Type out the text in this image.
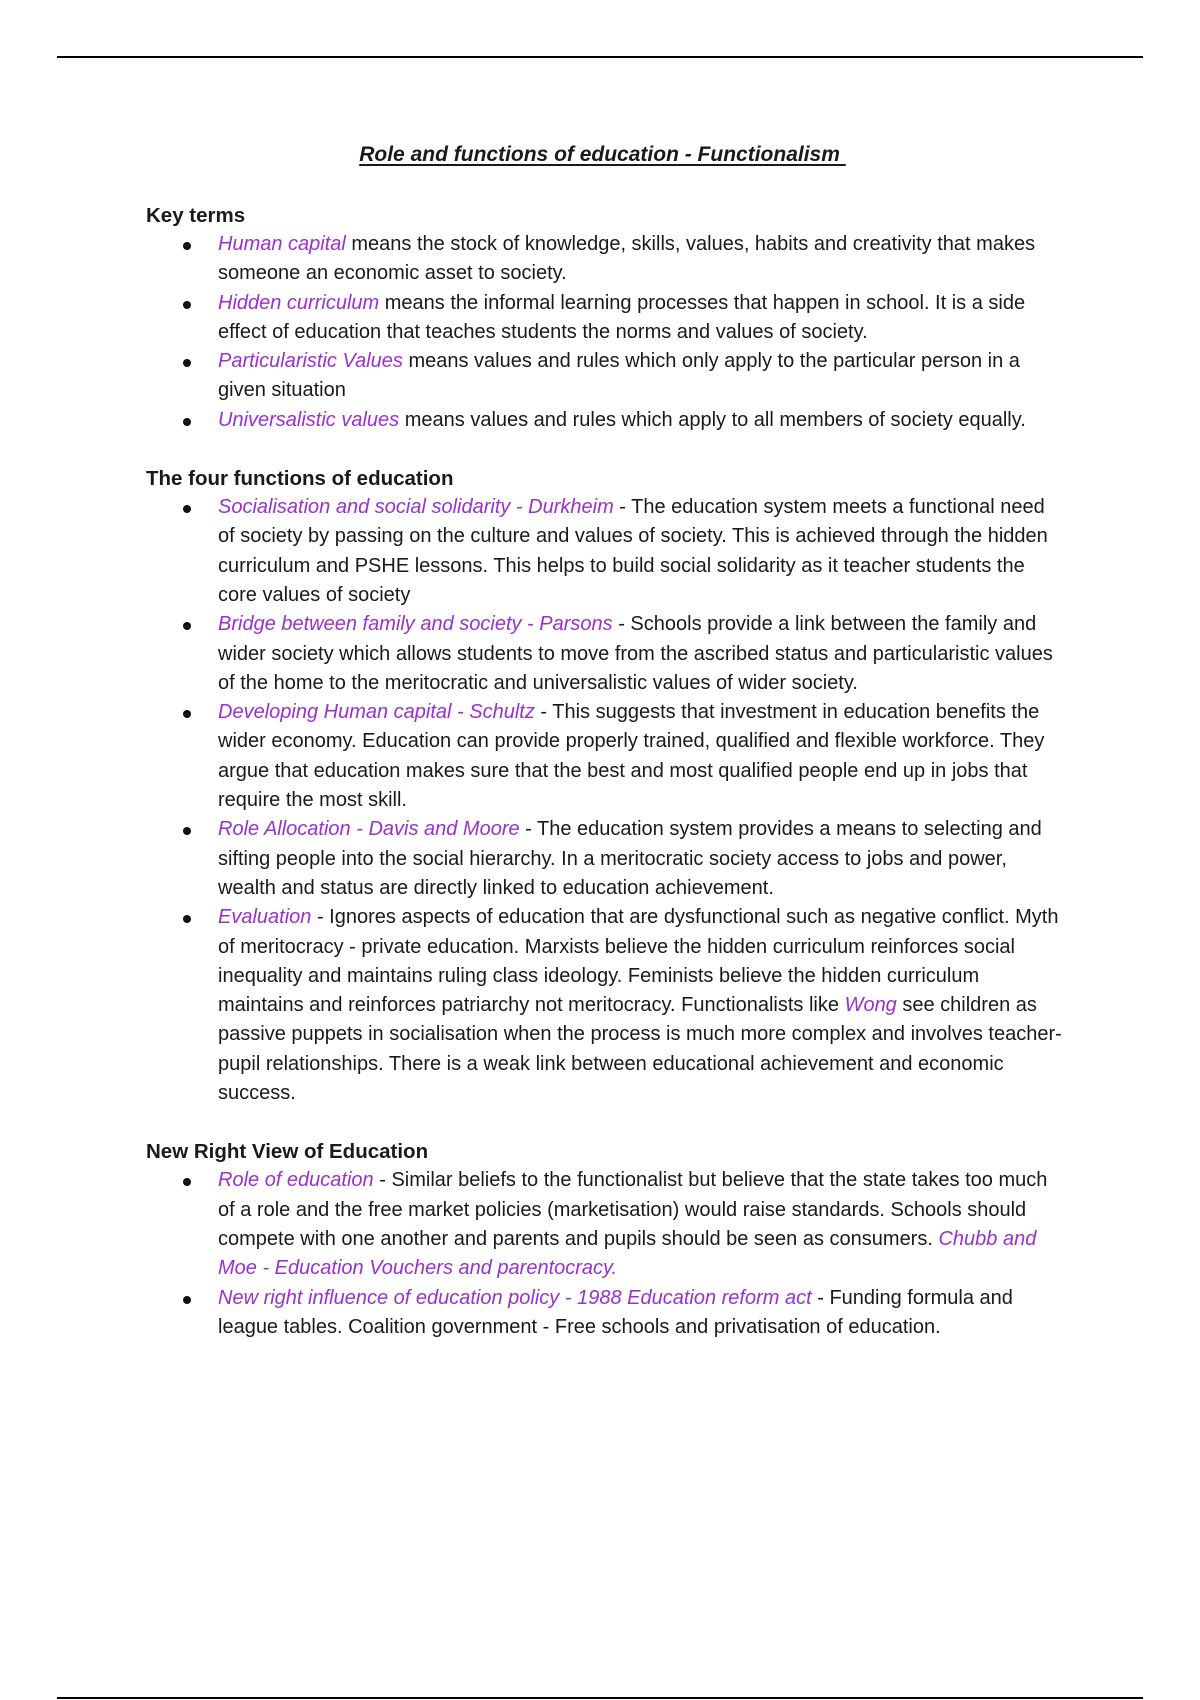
Role and functions of education - Functionalism
Key terms
Human capital means the stock of knowledge, skills, values, habits and creativity that makes someone an economic asset to society.
Hidden curriculum means the informal learning processes that happen in school. It is a side effect of education that teaches students the norms and values of society.
Particularistic Values means values and rules which only apply to the particular person in a given situation
Universalistic values means values and rules which apply to all members of society equally.
The four functions of education
Socialisation and social solidarity - Durkheim - The education system meets a functional need of society by passing on the culture and values of society. This is achieved through the hidden curriculum and PSHE lessons. This helps to build social solidarity as it teacher students the core values of society
Bridge between family and society - Parsons - Schools provide a link between the family and wider society which allows students to move from the ascribed status and particularistic values of the home to the meritocratic and universalistic values of wider society.
Developing Human capital - Schultz - This suggests that investment in education benefits the wider economy. Education can provide properly trained, qualified and flexible workforce. They argue that education makes sure that the best and most qualified people end up in jobs that require the most skill.
Role Allocation - Davis and Moore - The education system provides a means to selecting and sifting people into the social hierarchy. In a meritocratic society access to jobs and power, wealth and status are directly linked to education achievement.
Evaluation - Ignores aspects of education that are dysfunctional such as negative conflict. Myth of meritocracy - private education. Marxists believe the hidden curriculum reinforces social inequality and maintains ruling class ideology. Feminists believe the hidden curriculum maintains and reinforces patriarchy not meritocracy. Functionalists like Wong see children as passive puppets in socialisation when the process is much more complex and involves teacher-pupil relationships. There is a weak link between educational achievement and economic success.
New Right View of Education
Role of education - Similar beliefs to the functionalist but believe that the state takes too much of a role and the free market policies (marketisation) would raise standards. Schools should compete with one another and parents and pupils should be seen as consumers. Chubb and Moe - Education Vouchers and parentocracy.
New right influence of education policy - 1988 Education reform act - Funding formula and league tables. Coalition government - Free schools and privatisation of education.
